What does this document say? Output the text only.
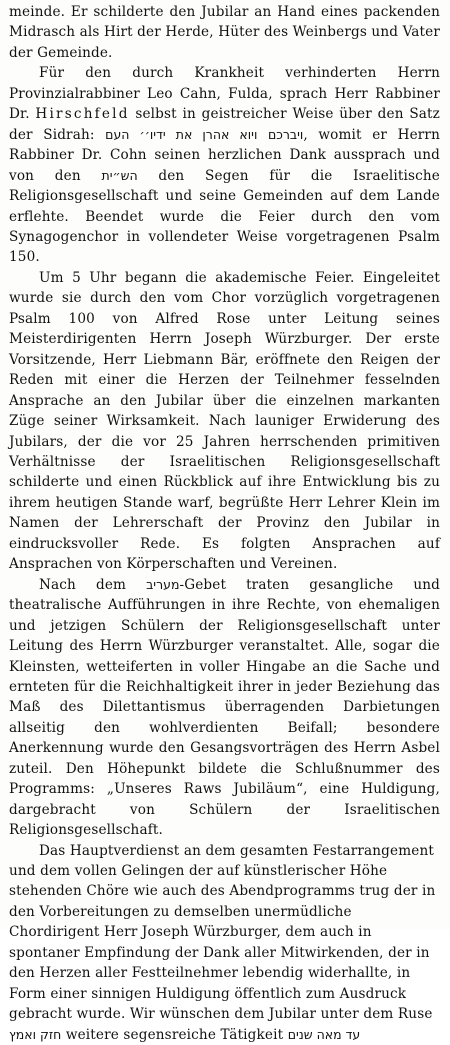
meinde. Er schilderte den Jubilar an Hand eines packenden Midrasch als Hirt der Herde, Hüter des Weinbergs und Vater der Gemeinde.

Für den durch Krankheit verhinderten Herrn Provinzialrabbiner Leo Cahn, Fulda, sprach Herr Rabbiner Dr. Hirschfeld selbst in geistreicher Weise über den Satz der Sidrah: ויוא אהרן את ידיו׳׳ העם ויברכם, womit er Herrn Rabbiner Dr. Cohn seinen herzlichen Dank aussprach und von den הש״ית den Segen für die Israelitische Religionsgesellschaft und seine Gemeinden auf dem Lande erflehte. Beendet wurde die Feier durch den vom Synagogenchor in vollendeter Weise vorgetragenen Psalm 150.

Um 5 Uhr begann die akademische Feier. Eingeleitet wurde sie durch den vom Chor vorzüglich vorgetragenen Psalm 100 von Alfred Rose unter Leitung seines Meisterdirigenten Herrn Joseph Würzburger. Der erste Vorsitzende, Herr Liebmann Bär, eröffnete den Reigen der Reden mit einer die Herzen der Teilnehmer fesselnden Ansprache an den Jubilar über die einzelnen markanten Züge seiner Wirksamkeit. Nach launiger Erwiderung des Jubilars, der die vor 25 Jahren herrschenden primitiven Verhältnisse der Israelitischen Religionsgesellschaft schilderte und einen Rückblick auf ihre Entwicklung bis zu ihrem heutigen Stande warf, begrüßte Herr Lehrer Klein im Namen der Lehrerschaft der Provinz den Jubilar in eindrucksvoller Rede. Es folgten Ansprachen auf Ansprachen von Körperschaften und Vereinen.

Nach dem מעריב-Gebet traten gesangliche und theatralische Aufführungen in ihre Rechte, von ehemaligen und jetzigen Schülern der Religionsgesellschaft unter Leitung des Herrn Würzburger veranstaltet. Alle, sogar die Kleinsten, wetteiferten in voller Hingabe an die Sache und ernteten für die Reichhaltigkeit ihrer in jeder Beziehung das Maß des Dilettantismus überragenden Darbietungen allseitig den wohlverdienten Beifall; besondere Anerkennung wurde den Gesangsvorträgen des Herrn Asbel zuteil. Den Höhepunkt bildete die Schlußnummer des Programms: „Unseres Raws Jubiläum“, eine Huldigung, dargebracht von Schülern der Israelitischen Religionsgesellschaft.

Das Hauptverdienst an dem gesamten Festarrangement und dem vollen Gelingen der auf künstlerischer Höhe stehenden Chöre wie auch des Abendprogramms trug der in den Vorbereitungen zu demselben unermüdliche Chordirigent Herr Joseph Würzburger, dem auch in spontaner Empfindung der Dank aller Mitwirkenden, der in den Herzen aller Festteilnehmer lebendig widerhallte, in Form einer sinnigen Huldigung öffentlich zum Ausdruck gebracht wurde. Wir wünschen dem Jubilar unter dem Ruse חזק ואמץ weitere segensreiche Tätigkeit עד מאה שנים
